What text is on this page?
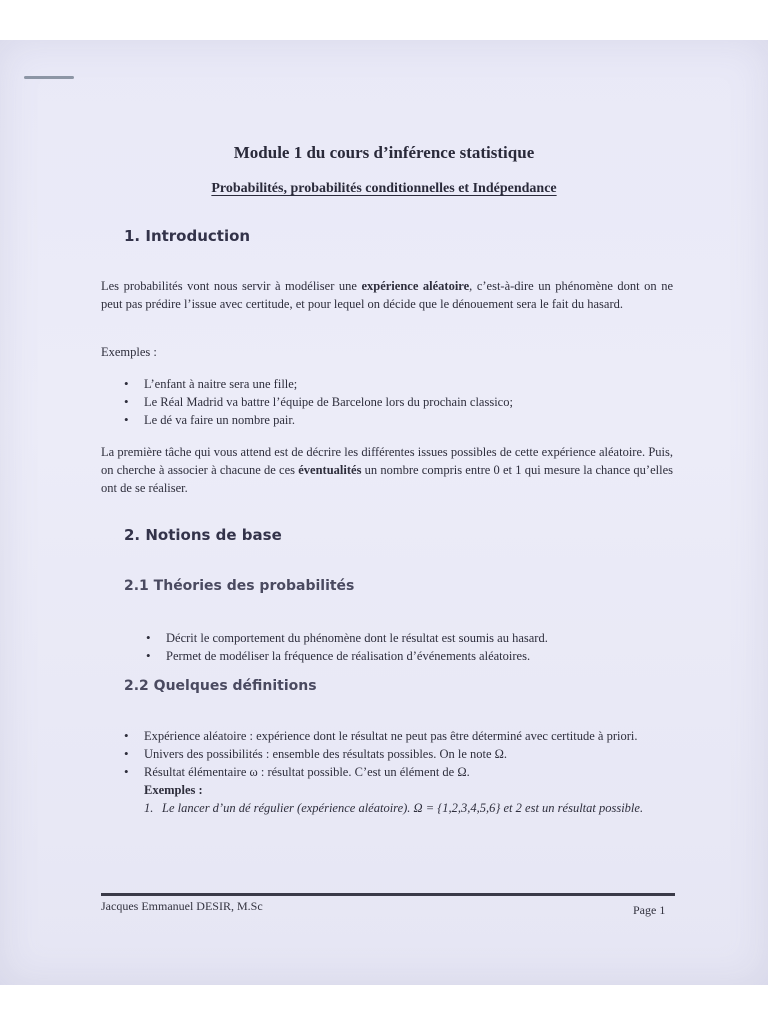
Module 1 du cours d’inférence statistique
Probabilités, probabilités conditionnelles et Indépendance
1. Introduction
Les probabilités vont nous servir à modéliser une expérience aléatoire, c’est-à-dire un phénomène dont on ne peut pas prédire l’issue avec certitude, et pour lequel on décide que le dénouement sera le fait du hasard.
Exemples :
• L’enfant à naitre sera une fille;
• Le Réal Madrid va battre l’équipe de Barcelone lors du prochain classico;
• Le dé va faire un nombre pair.
La première tâche qui vous attend est de décrire les différentes issues possibles de cette expérience aléatoire. Puis, on cherche à associer à chacune de ces éventualités un nombre compris entre 0 et 1 qui mesure la chance qu’elles ont de se réaliser.
2. Notions de base
2.1 Théories des probabilités
• Décrit le comportement du phénomène dont le résultat est soumis au hasard.
• Permet de modéliser la fréquence de réalisation d’événements aléatoires.
2.2 Quelques définitions
• Expérience aléatoire : expérience dont le résultat ne peut pas être déterminé avec certitude à priori.
• Univers des possibilités : ensemble des résultats possibles. On le note Ω.
• Résultat élémentaire ω : résultat possible. C’est un élément de Ω.
Exemples :
1. Le lancer d’un dé régulier (expérience aléatoire). Ω = {1,2,3,4,5,6} et 2 est un résultat possible.
Jacques Emmanuel DESIR, M.Sc	Page 1
